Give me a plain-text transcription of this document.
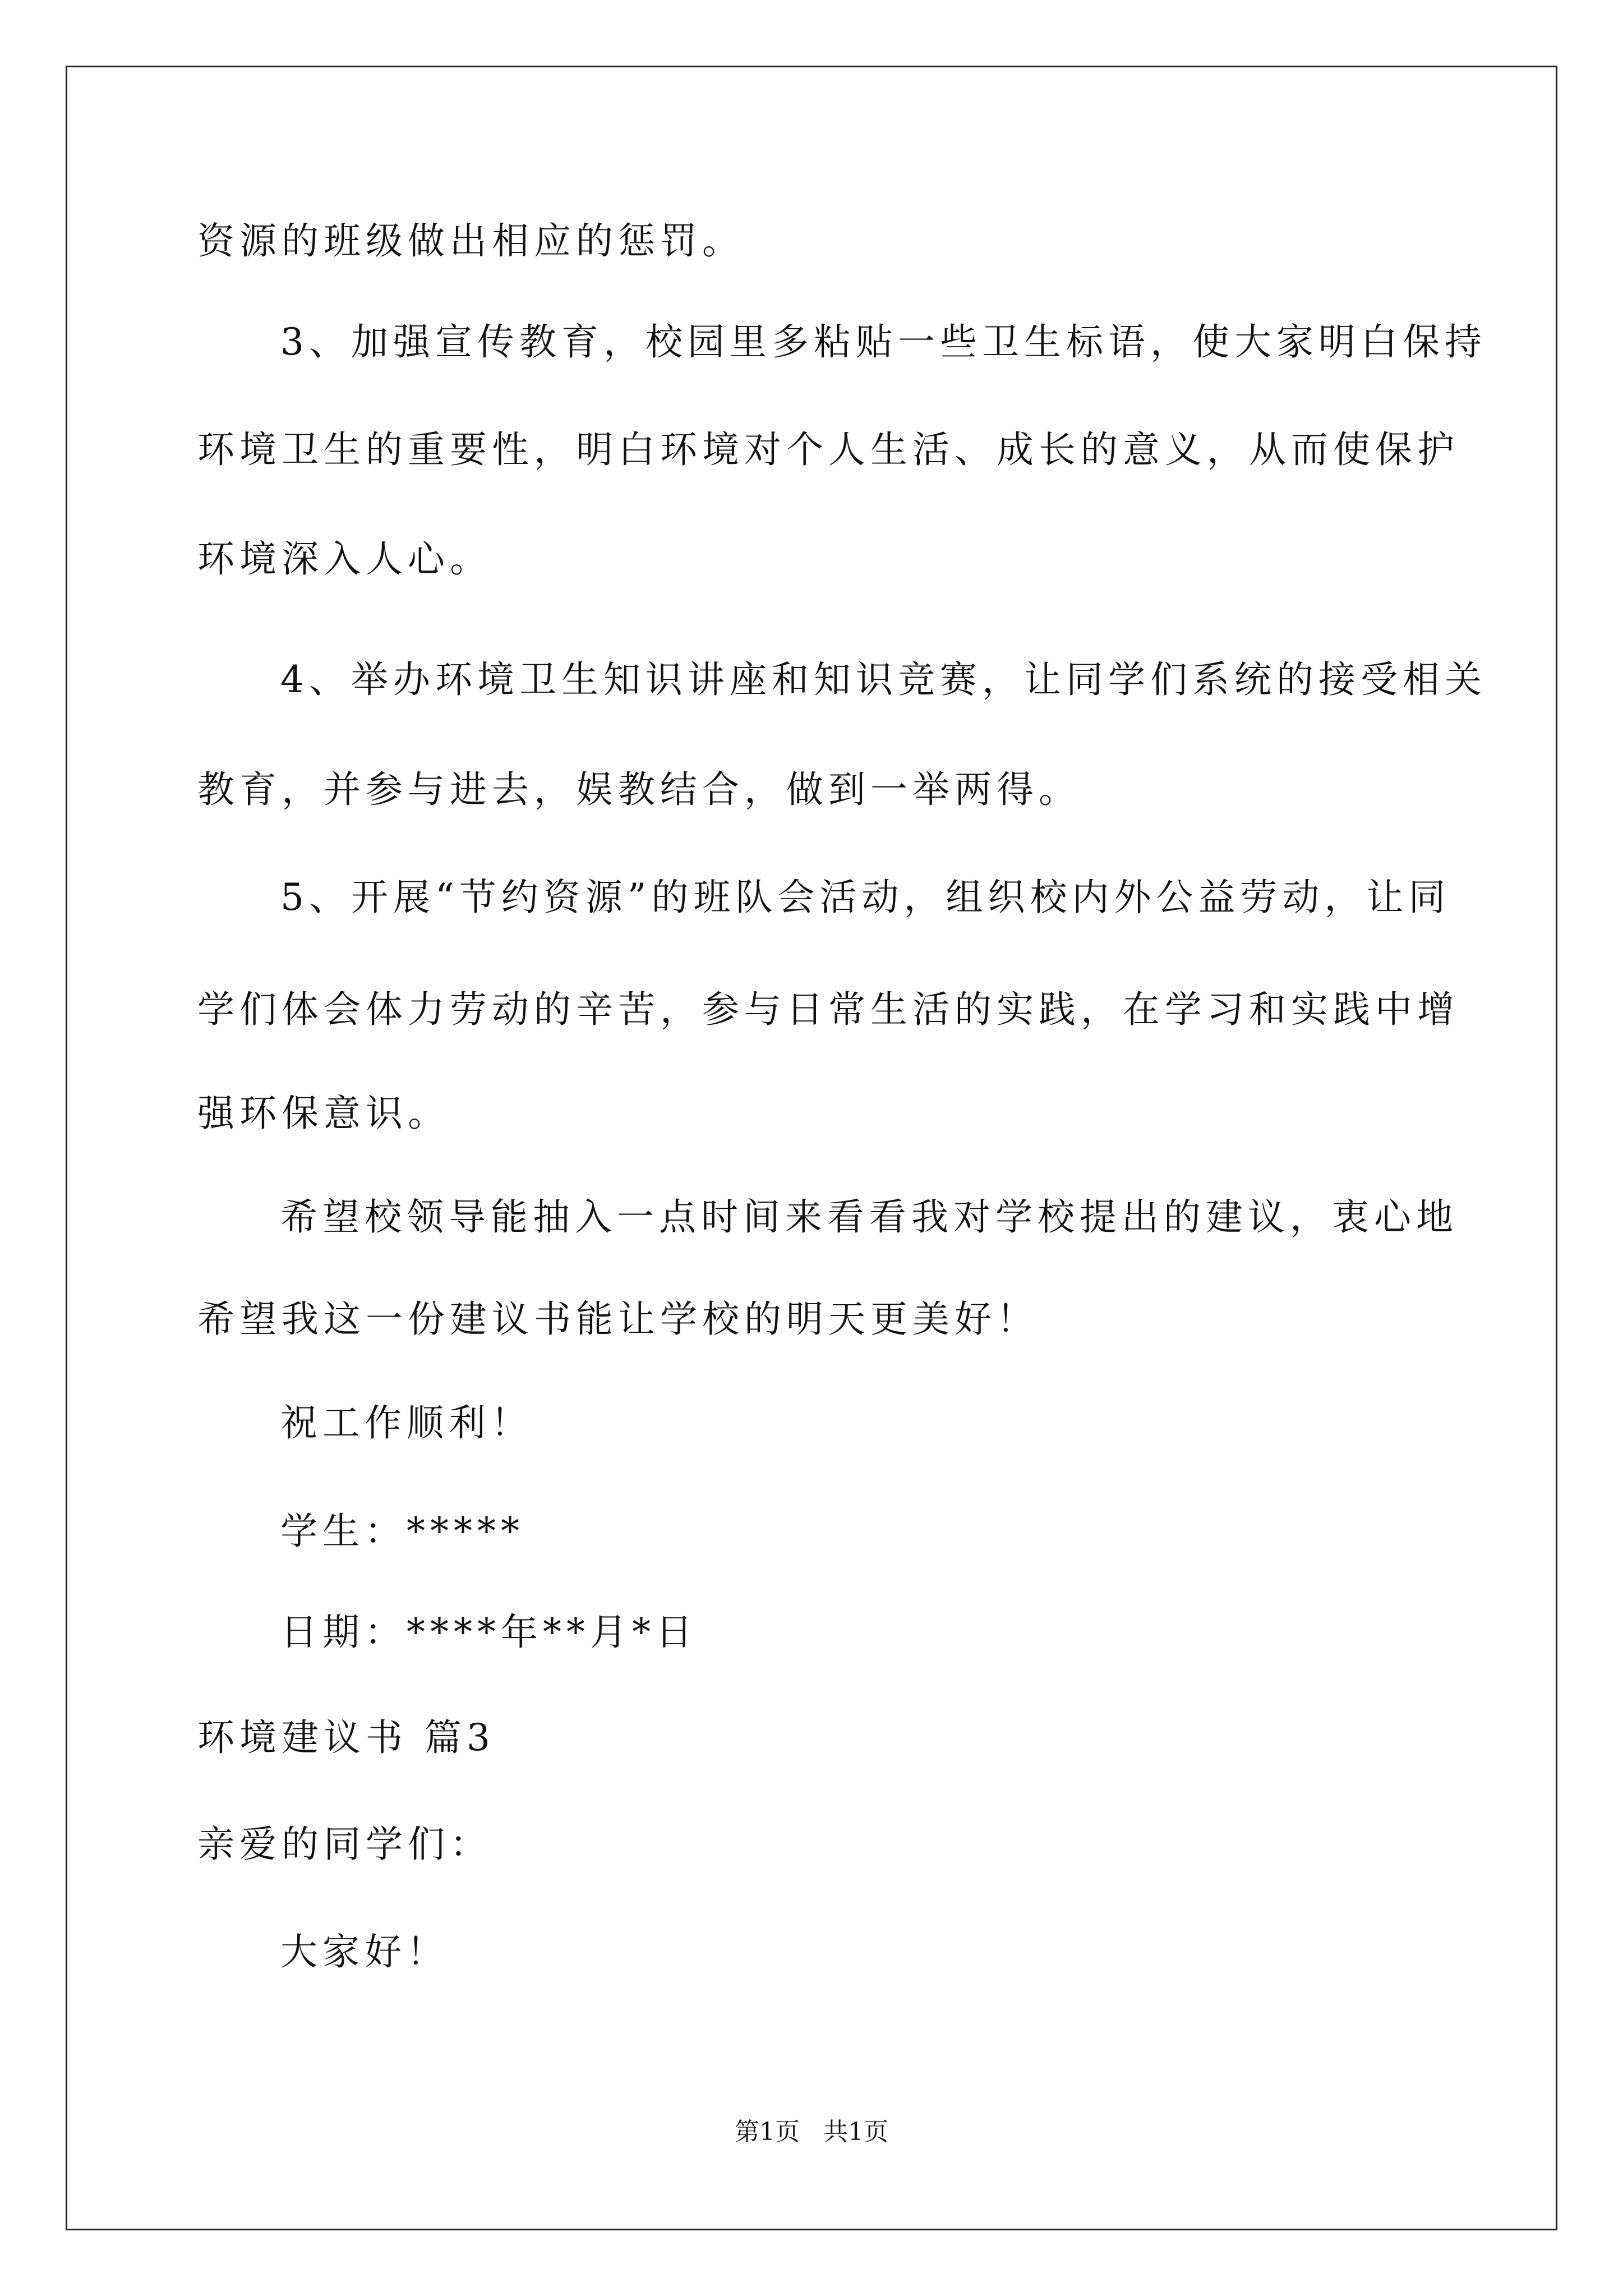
资源的班级做出相应的惩罚。
3、加强宣传教育，校园里多粘贴一些卫生标语，使大家明白保持
环境卫生的重要性，明白环境对个人生活、成长的意义，从而使保护
环境深入人心。
4、举办环境卫生知识讲座和知识竞赛，让同学们系统的接受相关
教育，并参与进去，娱教结合，做到一举两得。
5、开展“节约资源”的班队会活动，组织校内外公益劳动，让同
学们体会体力劳动的辛苦，参与日常生活的实践，在学习和实践中增
强环保意识。
希望校领导能抽入一点时间来看看我对学校提出的建议，衷心地
希望我这一份建议书能让学校的明天更美好！
祝工作顺利！
学生：*****
日期：****年**月*日
环境建议书 篇3
亲爱的同学们：
大家好！
第1页   共1页
